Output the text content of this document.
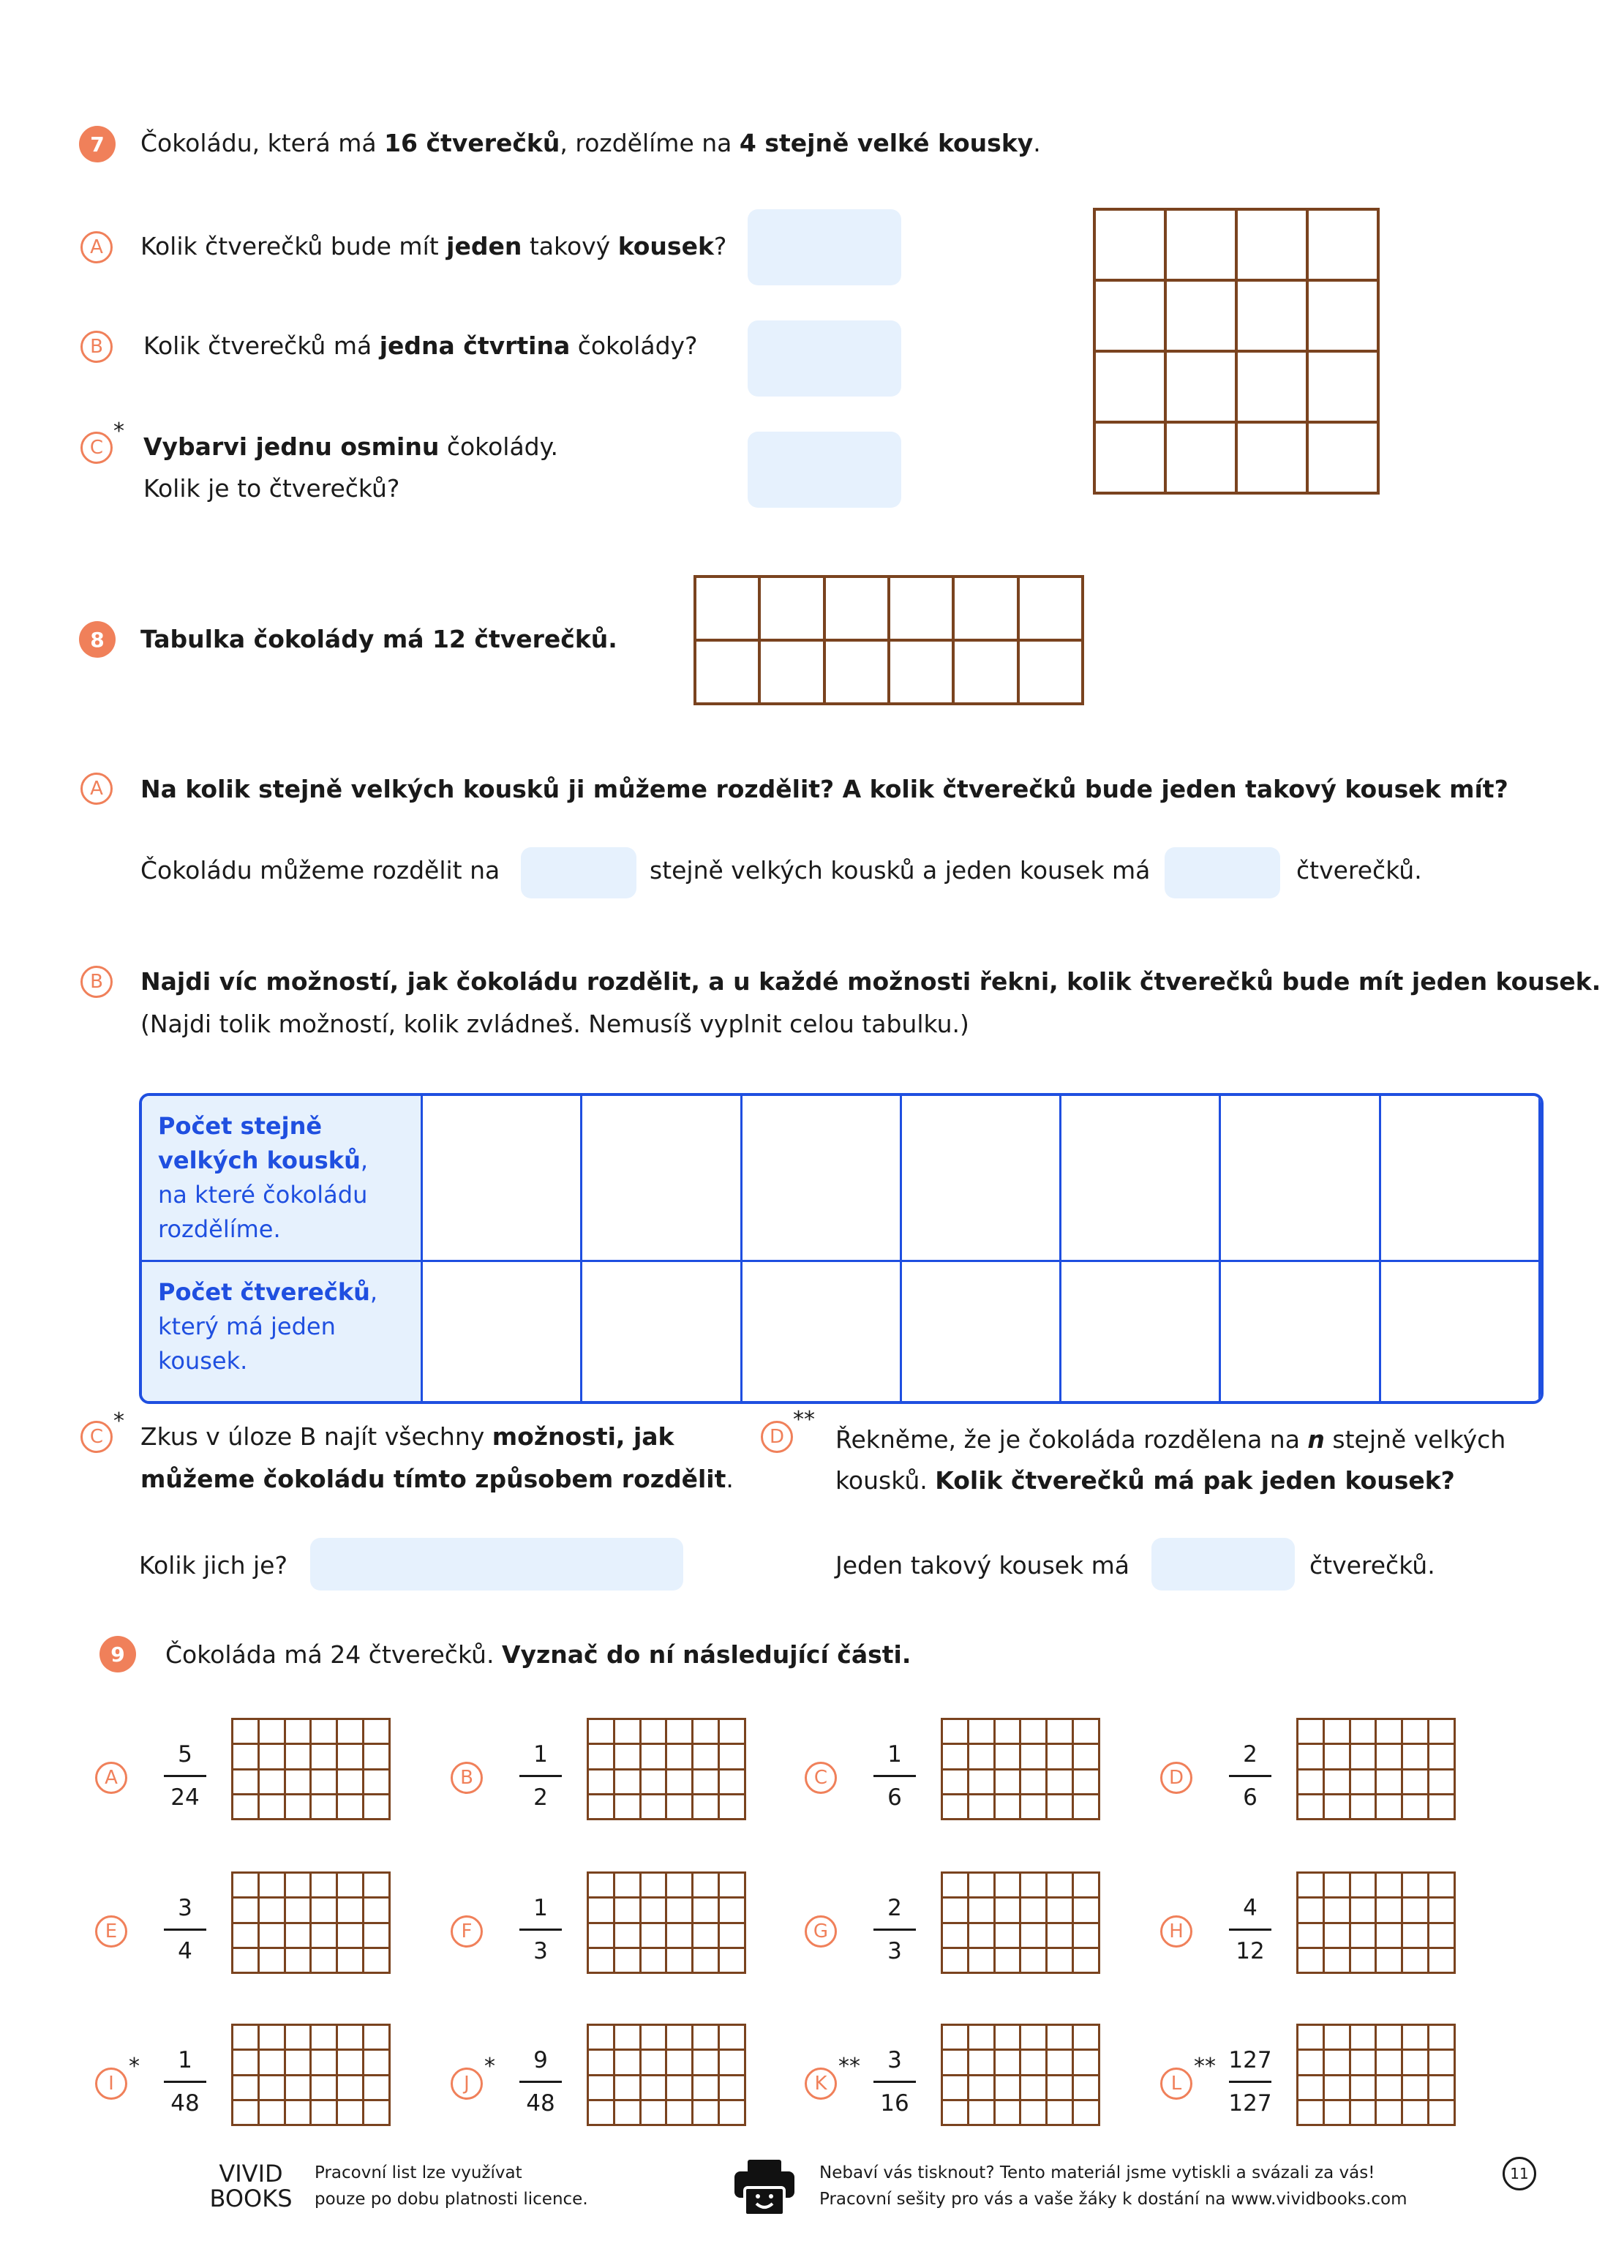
7	Čokoládu, která má 16 čtverečků, rozdělíme na 4 stejně velké kousky.
A	Kolik čtverečků bude mít jeden takový kousek?
B	Kolik čtverečků má jedna čtvrtina čokolády?
C
*
Vybarvi jednu osminu čokolády.
Kolik je to čtverečků?
8	Tabulka čokolády má 12 čtverečků.
A	Na kolik stejně velkých kousků ji můžeme rozdělit? A kolik čtverečků bude jeden takový kousek mít?
Čokoládu můžeme rozdělit na	stejně velkých kousků a jeden kousek má	čtverečků.
B	Najdi víc možností, jak čokoládu rozdělit, a u každé možnosti řekni, kolik čtverečků bude mít jeden kousek.
(Najdi tolik možností, kolik zvládneš. Nemusíš vyplnit celou tabulku.)
Počet stejně velkých kousků, na které čokoládu rozdělíme.								
Počet čtverečků, který má jeden kousek.								
C
*
Zkus v úloze B najít všechny možnosti, jak
můžeme čokoládu tímto způsobem rozdělit.
Kolik jich je?
D
**
Řekněme, že je čokoláda rozdělena na n stejně velkých
kousků. Kolik čtverečků má pak jeden kousek?
Jeden takový kousek má	čtverečků.
9	Čokoláda má 24 čtverečků. Vyznač do ní následující části.
A
5
24
B
1
2
C
1
6
D
2
6
E
3
4
F
1
3
G
2
3
H
4
12
I
*	1
48
J
*	9
48
K
**	3
16
L
** 127
127
VIVID
BOOKS
Pracovní list lze využívat
pouze po dobu platnosti licence.
Nebaví vás tisknout? Tento materiál jsme vytiskli a svázali za vás!
Pracovní sešity pro vás a vaše žáky k dostání na www.vividbooks.com
11
